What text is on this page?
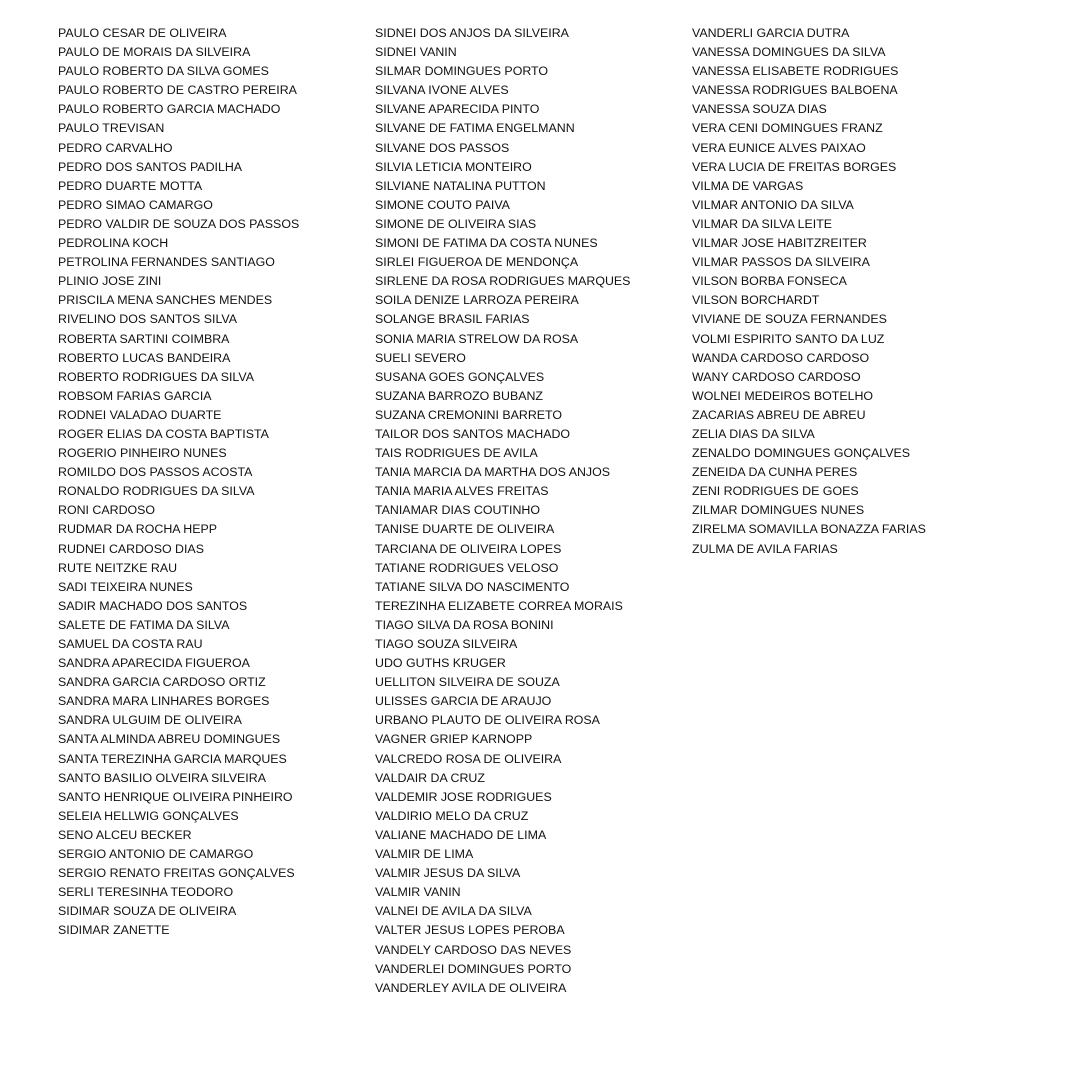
PAULO CESAR DE OLIVEIRA
PAULO DE MORAIS DA SILVEIRA
PAULO ROBERTO DA SILVA GOMES
PAULO ROBERTO DE CASTRO PEREIRA
PAULO ROBERTO GARCIA MACHADO
PAULO TREVISAN
PEDRO CARVALHO
PEDRO DOS SANTOS PADILHA
PEDRO DUARTE MOTTA
PEDRO SIMAO CAMARGO
PEDRO VALDIR DE SOUZA DOS PASSOS
PEDROLINA KOCH
PETROLINA FERNANDES SANTIAGO
PLINIO JOSE ZINI
PRISCILA MENA SANCHES MENDES
RIVELINO DOS SANTOS SILVA
ROBERTA SARTINI COIMBRA
ROBERTO LUCAS BANDEIRA
ROBERTO RODRIGUES DA SILVA
ROBSOM FARIAS GARCIA
RODNEI VALADAO DUARTE
ROGER ELIAS DA COSTA BAPTISTA
ROGERIO PINHEIRO NUNES
ROMILDO DOS PASSOS ACOSTA
RONALDO RODRIGUES DA SILVA
RONI CARDOSO
RUDMAR DA ROCHA HEPP
RUDNEI CARDOSO DIAS
RUTE NEITZKE RAU
SADI TEIXEIRA NUNES
SADIR MACHADO DOS SANTOS
SALETE DE FATIMA DA SILVA
SAMUEL DA COSTA RAU
SANDRA APARECIDA FIGUEROA
SANDRA GARCIA CARDOSO ORTIZ
SANDRA MARA LINHARES BORGES
SANDRA ULGUIM DE OLIVEIRA
SANTA ALMINDA ABREU DOMINGUES
SANTA TEREZINHA GARCIA MARQUES
SANTO BASILIO OLVEIRA SILVEIRA
SANTO HENRIQUE OLIVEIRA PINHEIRO
SELEIA HELLWIG GONÇALVES
SENO ALCEU BECKER
SERGIO ANTONIO DE CAMARGO
SERGIO RENATO FREITAS GONÇALVES
SERLI TERESINHA TEODORO
SIDIMAR SOUZA DE OLIVEIRA
SIDIMAR ZANETTE
SIDNEI DOS ANJOS DA SILVEIRA
SIDNEI VANIN
SILMAR DOMINGUES PORTO
SILVANA IVONE ALVES
SILVANE APARECIDA PINTO
SILVANE DE FATIMA ENGELMANN
SILVANE DOS PASSOS
SILVIA LETICIA MONTEIRO
SILVIANE NATALINA PUTTON
SIMONE COUTO PAIVA
SIMONE DE OLIVEIRA SIAS
SIMONI DE FATIMA DA COSTA NUNES
SIRLEI FIGUEROA DE MENDONÇA
SIRLENE DA ROSA RODRIGUES MARQUES
SOILA DENIZE LARROZA PEREIRA
SOLANGE BRASIL FARIAS
SONIA MARIA STRELOW DA ROSA
SUELI SEVERO
SUSANA GOES GONÇALVES
SUZANA BARROZO BUBANZ
SUZANA CREMONINI BARRETO
TAILOR DOS SANTOS MACHADO
TAIS RODRIGUES DE AVILA
TANIA MARCIA DA MARTHA DOS ANJOS
TANIA MARIA ALVES FREITAS
TANIAMAR DIAS COUTINHO
TANISE DUARTE DE OLIVEIRA
TARCIANA DE OLIVEIRA LOPES
TATIANE RODRIGUES VELOSO
TATIANE SILVA DO NASCIMENTO
TEREZINHA ELIZABETE CORREA MORAIS
TIAGO SILVA DA ROSA BONINI
TIAGO SOUZA SILVEIRA
UDO GUTHS KRUGER
UELLITON SILVEIRA DE SOUZA
ULISSES GARCIA DE ARAUJO
URBANO PLAUTO DE OLIVEIRA ROSA
VAGNER GRIEP KARNOPP
VALCREDO ROSA DE OLIVEIRA
VALDAIR DA CRUZ
VALDEMIR JOSE RODRIGUES
VALDIRIO MELO DA CRUZ
VALIANE MACHADO DE LIMA
VALMIR DE LIMA
VALMIR JESUS DA SILVA
VALMIR VANIN
VALNEI DE AVILA DA SILVA
VALTER JESUS LOPES PEROBA
VANDELY CARDOSO DAS NEVES
VANDERLEI DOMINGUES PORTO
VANDERLEY AVILA DE OLIVEIRA
VANDERLI GARCIA DUTRA
VANESSA DOMINGUES DA SILVA
VANESSA ELISABETE RODRIGUES
VANESSA RODRIGUES BALBOENA
VANESSA SOUZA DIAS
VERA CENI DOMINGUES FRANZ
VERA EUNICE ALVES PAIXAO
VERA LUCIA DE FREITAS BORGES
VILMA DE VARGAS
VILMAR ANTONIO DA SILVA
VILMAR DA SILVA LEITE
VILMAR JOSE HABITZREITER
VILMAR PASSOS DA SILVEIRA
VILSON BORBA FONSECA
VILSON BORCHARDT
VIVIANE DE SOUZA FERNANDES
VOLMI ESPIRITO SANTO DA LUZ
WANDA CARDOSO CARDOSO
WANY CARDOSO CARDOSO
WOLNEI MEDEIROS BOTELHO
ZACARIAS ABREU DE ABREU
ZELIA DIAS DA SILVA
ZENALDO DOMINGUES GONÇALVES
ZENEIDA DA CUNHA PERES
ZENI RODRIGUES DE GOES
ZILMAR DOMINGUES NUNES
ZIRELMA SOMAVILLA BONAZZA FARIAS
ZULMA DE AVILA FARIAS
